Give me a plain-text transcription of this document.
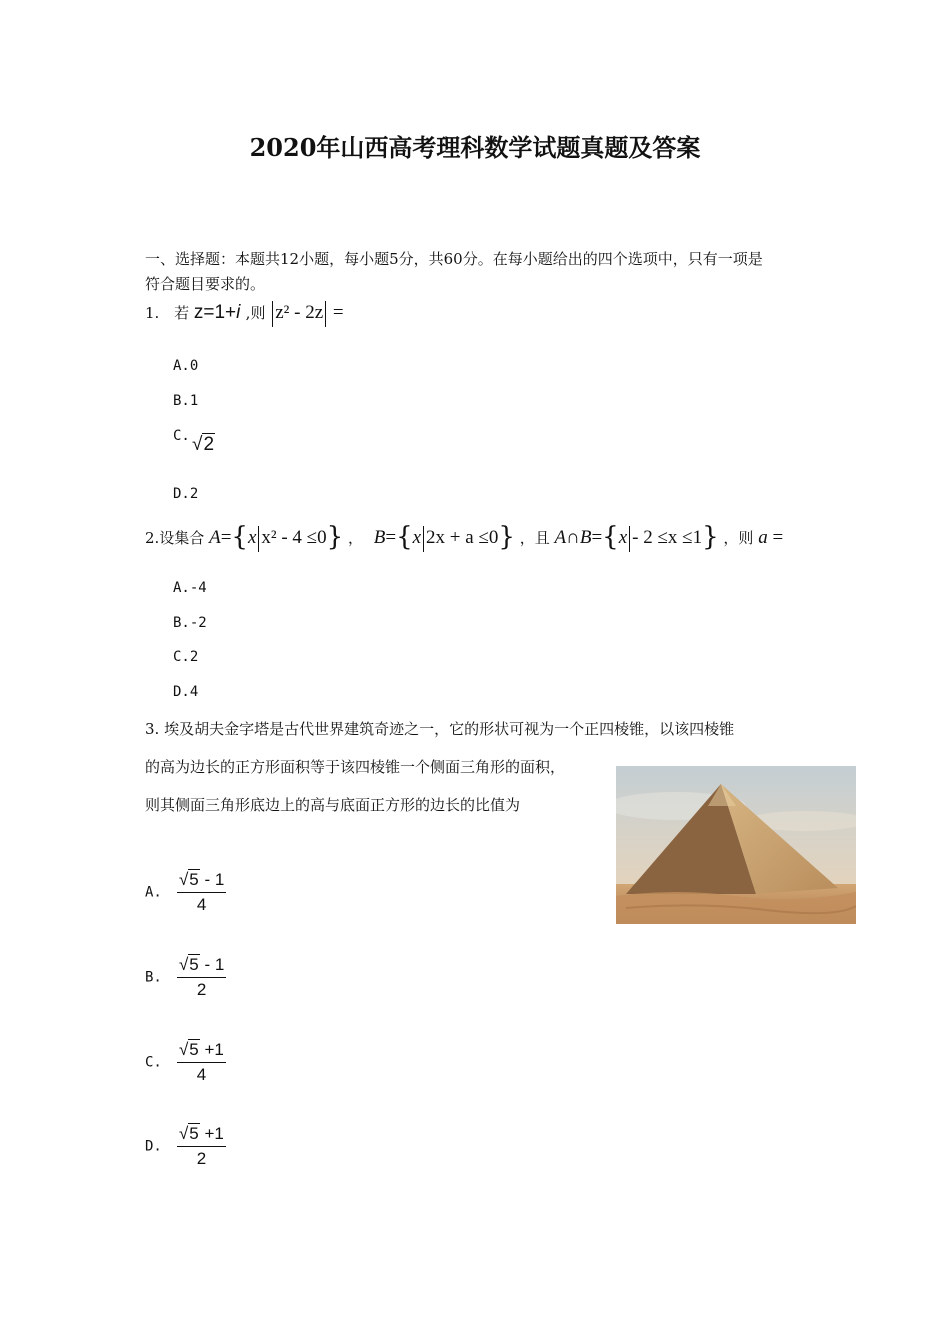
2020年山西高考理科数学试题真题及答案
一、选择题：本题共12小题，每小题5分，共60分。在每小题给出的四个选项中，只有一项是
符合题目要求的。
1. 若 z=1+i ,则 z² - 2z =
A.0
B.1
C. √2
D.2
2.设集合 A={x x² - 4 ≤0} ， B={x 2x + a ≤0} ，且 A∩B={x - 2 ≤x ≤1} ，则 a =
A.-4
B.-2
C.2
D.4
3. 埃及胡夫金字塔是古代世界建筑奇迹之一，它的形状可视为一个正四棱锥，以该四棱锥
的高为边长的正方形面积等于该四棱锥一个侧面三角形的面积，
则其侧面三角形底边上的高与底面正方形的边长的比值为
A. $\frac{√5 - 1}{4}$
B. $\frac{√5 - 1}{2}$
C. $\frac{√5 +1}{4}$
D. $\frac{√5 +1}{2}$
